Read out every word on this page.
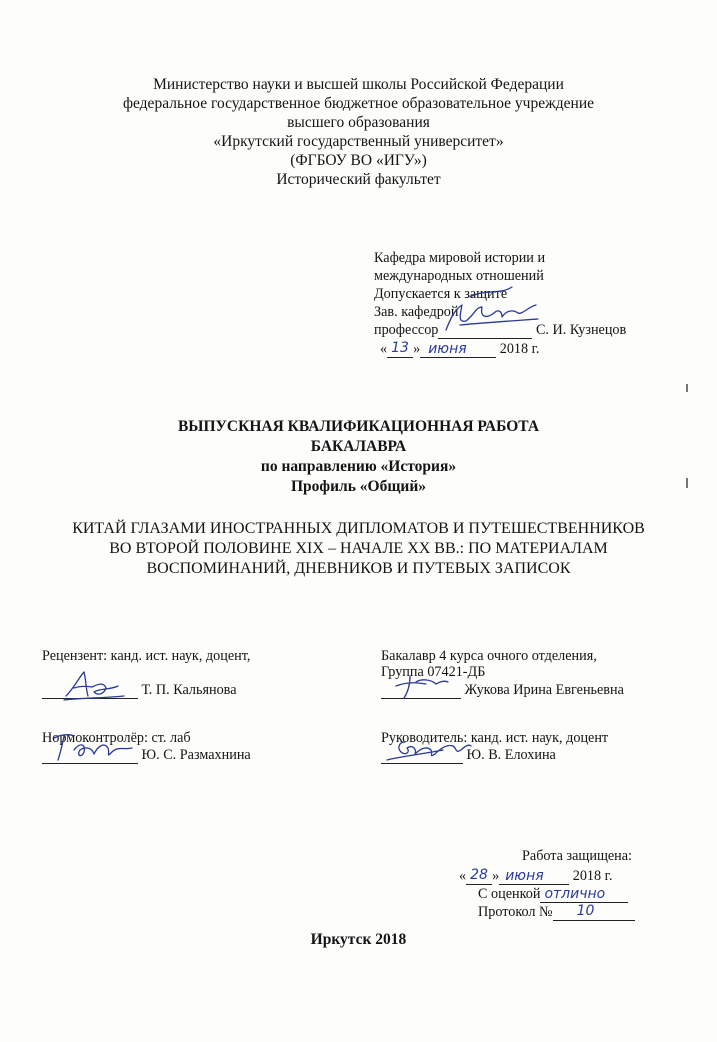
Министерство науки и высшей школы Российской Федерации
федеральное государственное бюджетное образовательное учреждение
высшего образования
«Иркутский государственный университет»
(ФГБОУ ВО «ИГУ»)
Исторический факультет
Кафедра мировой истории и
международных отношений
Допускается к защите
Зав. кафедрой
профессор	С. И. Кузнецов
« 13 » июня 2018 г.
ВЫПУСКНАЯ КВАЛИФИКАЦИОННАЯ РАБОТА
БАКАЛАВРА
по направлению «История»
Профиль «Общий»
КИТАЙ ГЛАЗАМИ ИНОСТРАННЫХ ДИПЛОМАТОВ И ПУТЕШЕСТВЕННИКОВ ВО ВТОРОЙ ПОЛОВИНЕ XIX – НАЧАЛЕ XX ВВ.: ПО МАТЕРИАЛАМ ВОСПОМИНАНИЙ, ДНЕВНИКОВ И ПУТЕВЫХ ЗАПИСОК
Рецензент: канд. ист. наук, доцент,
Т. П. Кальянова
Бакалавр 4 курса очного отделения,
Группа 07421-ДБ
Жукова Ирина Евгеньевна
Нормоконтролёр: ст. лаб
Ю. С. Размахнина
Руководитель: канд. ист. наук, доцент
Ю. В. Елохина
Работа защищена:
« 28 » июня 2018 г.
С оценкой отлично
Протокол № 10
Иркутск 2018
